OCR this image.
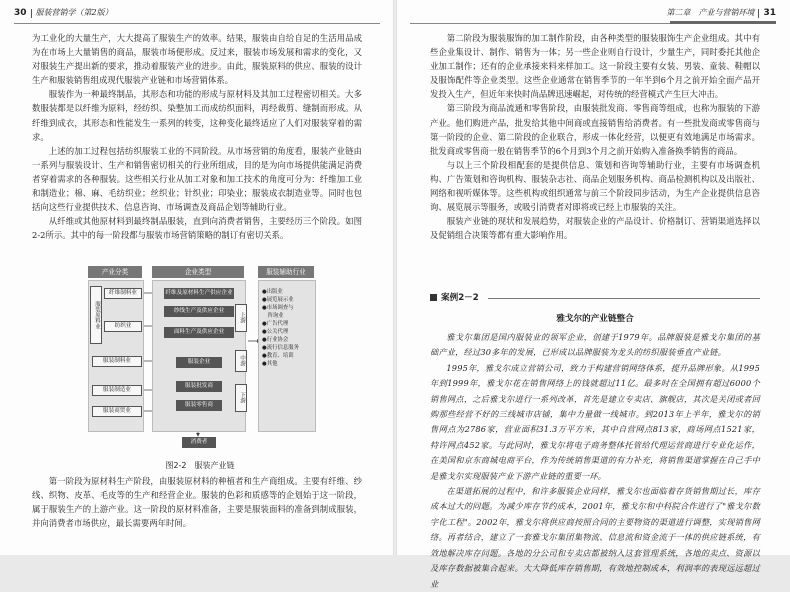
30 服装营销学（第2版）	第二章　产业与营销环境 31

为工业化的大量生产，大大提高了服装生产的效率。结果，服装由自给自足的生活用品成为在市场上大量销售的商品，服装市场便形成。反过来，服装市场发展和需求的变化，又对服装生产提出新的要求，推动着服装产业的进步。由此，服装原料的供应、服装的设计生产和服装销售组成现代服装产业链和市场营销体系。

服装作为一种最终制品，其形态和功能的形成与原材料及其加工过程密切相关。大多数服装都是以纤维为原料，经纺织、染整加工而成纺织面料，再经裁剪、缝制而形成。从纤维到成衣，其形态和性能发生一系列的转变，这种变化最终适应了人们对服装穿着的需求。

上述的加工过程包括纺织服装工业的不同阶段。从市场营销的角度看，服装产业链由一系列与服装设计、生产和销售密切相关的行业所组成，目的是为向市场提供能满足消费者穿着需求的各种服装。这些相关行业从加工对象和加工技术的角度可分为：纤维加工业和制造业；棉、麻、毛纺织业；丝织业；针织业；印染业；服装成衣制造业等。同时也包括向这些行业提供技术、信息咨询、市场调查及商品企划等辅助行业。

从纤维或其他原材料到最终制品服装，直到向消费者销售，主要经历三个阶段。如图2-2所示。其中的每一阶段都与服装市场营销策略的制订有密切关系。

产业分类	企业类型	服装辅助行业
服装原料业
纤维制料业
纺织业
服装制料业
服装制造业
服装商贸业
纤维及原材料生产供应企业
纱线生产及供应企业
面料生产及供应企业
服装企业
服装批发商
服装零售商
消费者
上游
中游
下游
●出版业
●展览展示业
●市场调查与
　咨询业
●广告代理
●公关代理
●行业协会
●流行信息服务
●教育、培训
●其他
图2-2　服装产业链

第一阶段为原材料生产阶段，由服装原材料的种植者和生产商组成。主要有纤维、纱线、织物、皮革、毛皮等的生产和经营企业。服装的色彩和质感等的企划始于这一阶段，属于服装生产的上游产业。这一阶段的原材料准备，主要是服装面料的准备到制成服装，并向消费者市场供应，最长需要两年时间。

第二阶段为服装服饰的加工制作阶段，由各种类型的服装服饰生产企业组成。其中有些企业集设计、制作、销售为一体；另一些企业则自行设计，少量生产，同时委托其他企业加工制作；还有的企业承接来料来样加工。这一阶段主要有女装、男装、童装、鞋帽以及服饰配件等企业类型。这些企业通常在销售季节的一年半到6个月之前开始全面产品开发投入生产，但近年来快时尚品牌迅速崛起，对传统的经营模式产生巨大冲击。

第三阶段为商品流通和零售阶段，由服装批发商、零售商等组成，也称为服装的下游产业。他们购进产品，批发给其他中间商或直接销售给消费者。有一些批发商或零售商与第一阶段的企业、第二阶段的企业联合，形成一体化经营，以便更有效地满足市场需求。批发商或零售商一般在销售季节的6个月到3个月之前开始购入准备换季销售的商品。

与以上三个阶段相配套的是提供信息、策划和咨询等辅助行业，主要有市场调查机构、广告策划和咨询机构、服装杂志社、商品企划服务机构、商品检测机构以及出版社、网络和视听媒体等。这些机构或组织通常与前三个阶段同步活动，为生产企业提供信息咨询、展览展示等服务，或吸引消费者对即将或已经上市服装的关注。

服装产业链的现状和发展趋势，对服装企业的产品设计、价格制订、营销渠道选择以及促销组合决策等都有重大影响作用。

案例2－2
雅戈尔的产业链整合

雅戈尔集团是国内服装业的领军企业，创建于1979年。品牌服装是雅戈尔集团的基础产业，经过30多年的发展，已形成以品牌服装为龙头的纺织服装垂直产业链。

1995年，雅戈尔成立营销公司，致力于构建营销网络体系，提升品牌形象。从1995年到1999年，雅戈尔花在销售网络上的钱就超过11亿。最多时在全国拥有超过6000个销售网点，之后雅戈尔进行一系列改革，首先是建立专卖店、旗舰店，其次是关闭或者回购那些经营不好的三线城市店铺，集中力量做一线城市。到2013年上半年，雅戈尔的销售网点为2786家，营业面积31.3万平方米，其中自营网点813家，商场网点1521家，特许网点452家。与此同时，雅戈尔将电子商务整体托管给代理运营商进行专业化运作，在美国和京东商城电商平台，作为传统销售渠道的有力补充，将销售渠道掌握在自己手中是雅戈尔实现服装产业下游产业链的重要一环。

在渠道拓展的过程中，和许多服装企业同样，雅戈尔也面临着存货销售期过长，库存成本过大的问题。为减少库存节约成本，2001年，雅戈尔和中科院合作进行了"雅戈尔数字化工程"。2002年，雅戈尔将供应商按照合同的主要物资的渠道进行调整，实现销售网络。再者结合，建立了一套雅戈尔集团集物流、信息流和资金流于一体的供应链系统，有效地解决库存问题。各地的分公司和专卖店都被纳入这套管理系统，各地的卖点、资源以及库存数据被集合起来。大大降低库存销售期，有效地控制成本，利润率的表现远远超过业
